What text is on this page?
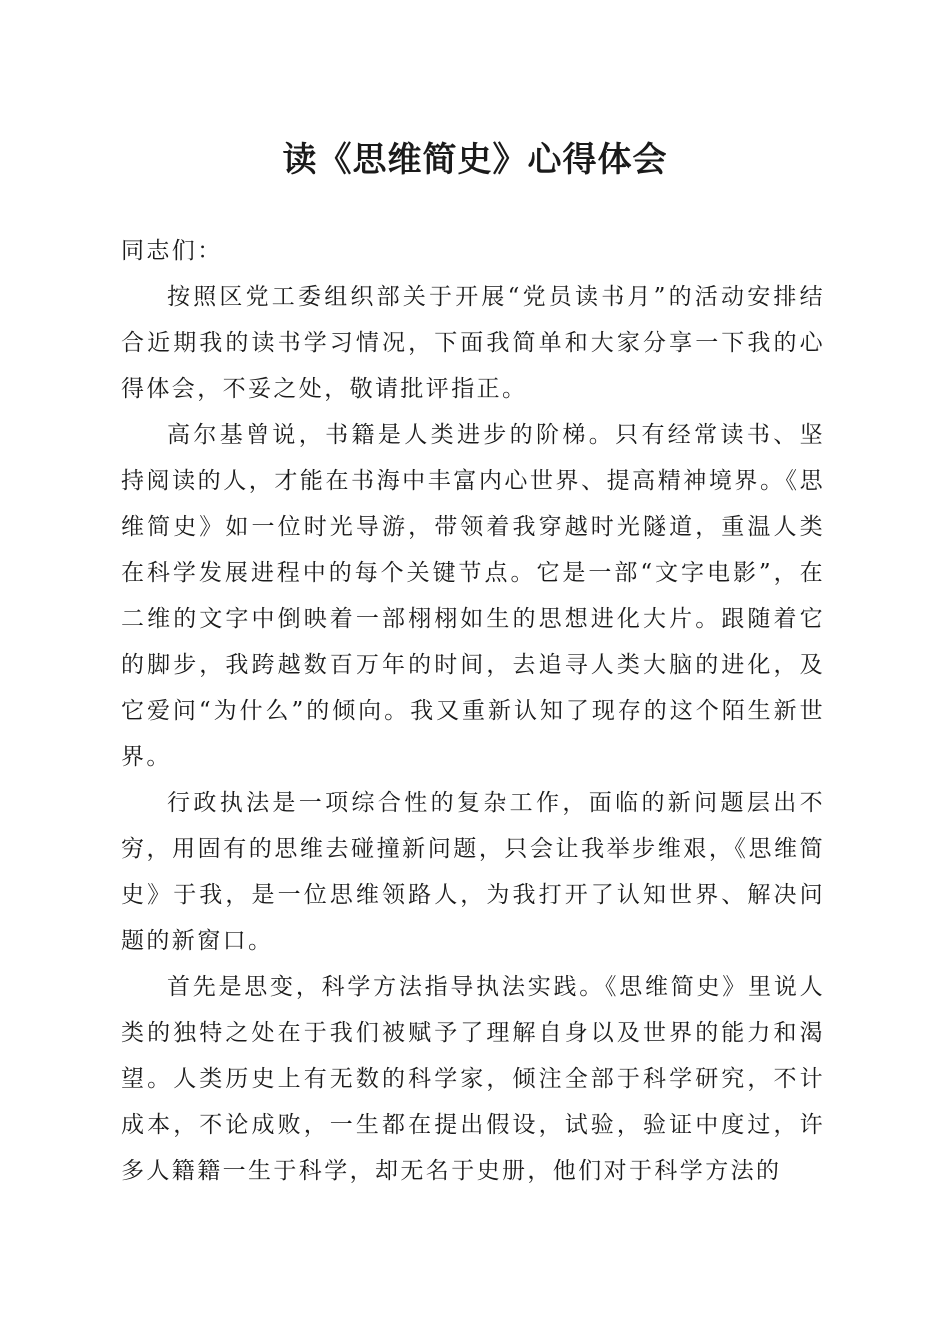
读《思维简史》心得体会

同志们：

按照区党工委组织部关于开展“党员读书月”的活动安排结合近期我的读书学习情况，下面我简单和大家分享一下我的心得体会，不妥之处，敬请批评指正。

高尔基曾说，书籍是人类进步的阶梯。只有经常读书、坚持阅读的人，才能在书海中丰富内心世界、提高精神境界。《思维简史》如一位时光导游，带领着我穿越时光隧道，重温人类在科学发展进程中的每个关键节点。它是一部“文字电影”，在二维的文字中倒映着一部栩栩如生的思想进化大片。跟随着它的脚步，我跨越数百万年的时间，去追寻人类大脑的进化，及它爱问“为什么”的倾向。我又重新认知了现存的这个陌生新世界。

行政执法是一项综合性的复杂工作，面临的新问题层出不穷，用固有的思维去碰撞新问题，只会让我举步维艰，《思维简史》于我，是一位思维领路人，为我打开了认知世界、解决问题的新窗口。

首先是思变，科学方法指导执法实践。《思维简史》里说人类的独特之处在于我们被赋予了理解自身以及世界的能力和渴望。人类历史上有无数的科学家，倾注全部于科学研究，不计成本，不论成败，一生都在提出假设，试验，验证中度过，许多人籍籍一生于科学，却无名于史册，他们对于科学方法的
